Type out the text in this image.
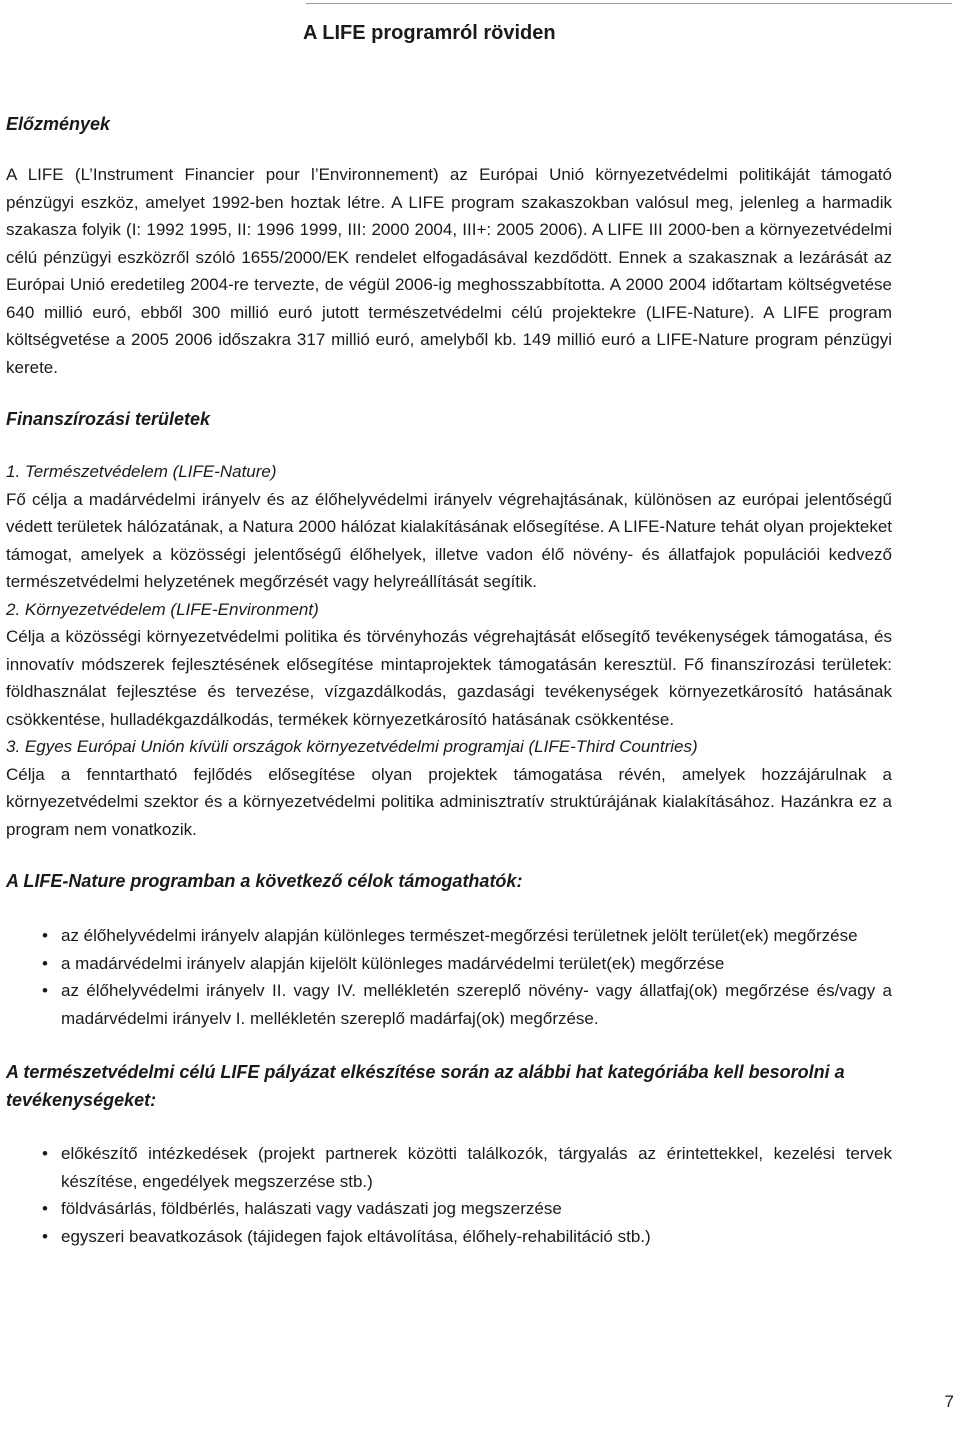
A LIFE programról röviden
Előzmények

A LIFE (L’Instrument Financier pour l’Environnement) az Európai Unió környezetvédelmi politikáját támogató pénzügyi eszköz, amelyet 1992-ben hoztak létre. A LIFE program szakaszokban valósul meg, jelenleg a harmadik szakasza folyik (I: 1992 1995, II: 1996 1999, III: 2000 2004, III+: 2005 2006). A LIFE III 2000-ben a környezetvédelmi célú pénzügyi eszközről szóló 1655/2000/EK rendelet elfogadásával kezdődött. Ennek a szakasznak a lezárását az Európai Unió eredetileg 2004-re tervezte, de végül 2006-ig meghosszabbította. A 2000 2004 időtartam költségvetése 640 millió euró, ebből 300 millió euró jutott természetvédelmi célú projektekre (LIFE-Nature). A LIFE program költségvetése a 2005 2006 időszakra 317 millió euró, amelyből kb. 149 millió euró a LIFE-Nature program pénzügyi kerete.

Finanszírozási területek
1. Természetvédelem (LIFE-Nature)

Fő célja a madárvédelmi irányelv és az élőhelyvédelmi irányelv végrehajtásának, különösen az európai jelentőségű védett területek hálózatának, a Natura 2000 hálózat kialakításának elősegítése. A LIFE-Nature tehát olyan projekteket támogat, amelyek a közösségi jelentőségű élőhelyek, illetve vadon élő növény- és állatfajok populációi kedvező természetvédelmi helyzetének megőrzését vagy helyreállítását segítik.

2. Környezetvédelem (LIFE-Environment)

Célja a közösségi környezetvédelmi politika és törvényhozás végrehajtását elősegítő tevékenységek támogatása, és innovatív módszerek fejlesztésének elősegítése mintaprojektek támogatásán keresztül. Fő finanszírozási területek: földhasználat fejlesztése és tervezése, vízgazdálkodás, gazdasági tevékenységek környezetkárosító hatásának csökkentése, hulladékgazdálkodás, termékek környezetkárosító hatásának csökkentése.

3. Egyes Európai Unión kívüli országok környezetvédelmi programjai (LIFE-Third Countries)

Célja a fenntartható fejlődés elősegítése olyan projektek támogatása révén, amelyek hozzájárulnak a környezetvédelmi szektor és a környezetvédelmi politika adminisztratív struktúrájának kialakításához. Hazánkra ez a program nem vonatkozik.

A LIFE-Nature programban a következő célok támogathatók:
• az élőhelyvédelmi irányelv alapján különleges természet-megőrzési területnek jelölt terület(ek) megőrzése
• a madárvédelmi irányelv alapján kijelölt különleges madárvédelmi terület(ek) megőrzése
• az élőhelyvédelmi irányelv II. vagy IV. mellékletén szereplő növény- vagy állatfaj(ok) megőrzése és/vagy a madárvédelmi irányelv I. mellékletén szereplő madárfaj(ok) megőrzése.
A természetvédelmi célú LIFE pályázat elkészítése során az alábbi hat kategóriába kell besorolni a tevékenységeket:
• előkészítő intézkedések (projekt partnerek közötti találkozók, tárgyalás az érintettekkel, kezelési tervek készítése, engedélyek megszerzése stb.)
• földvásárlás, földbérlés, halászati vagy vadászati jog megszerzése
• egyszeri beavatkozások (tájidegen fajok eltávolítása, élőhely-rehabilitáció stb.)
7
